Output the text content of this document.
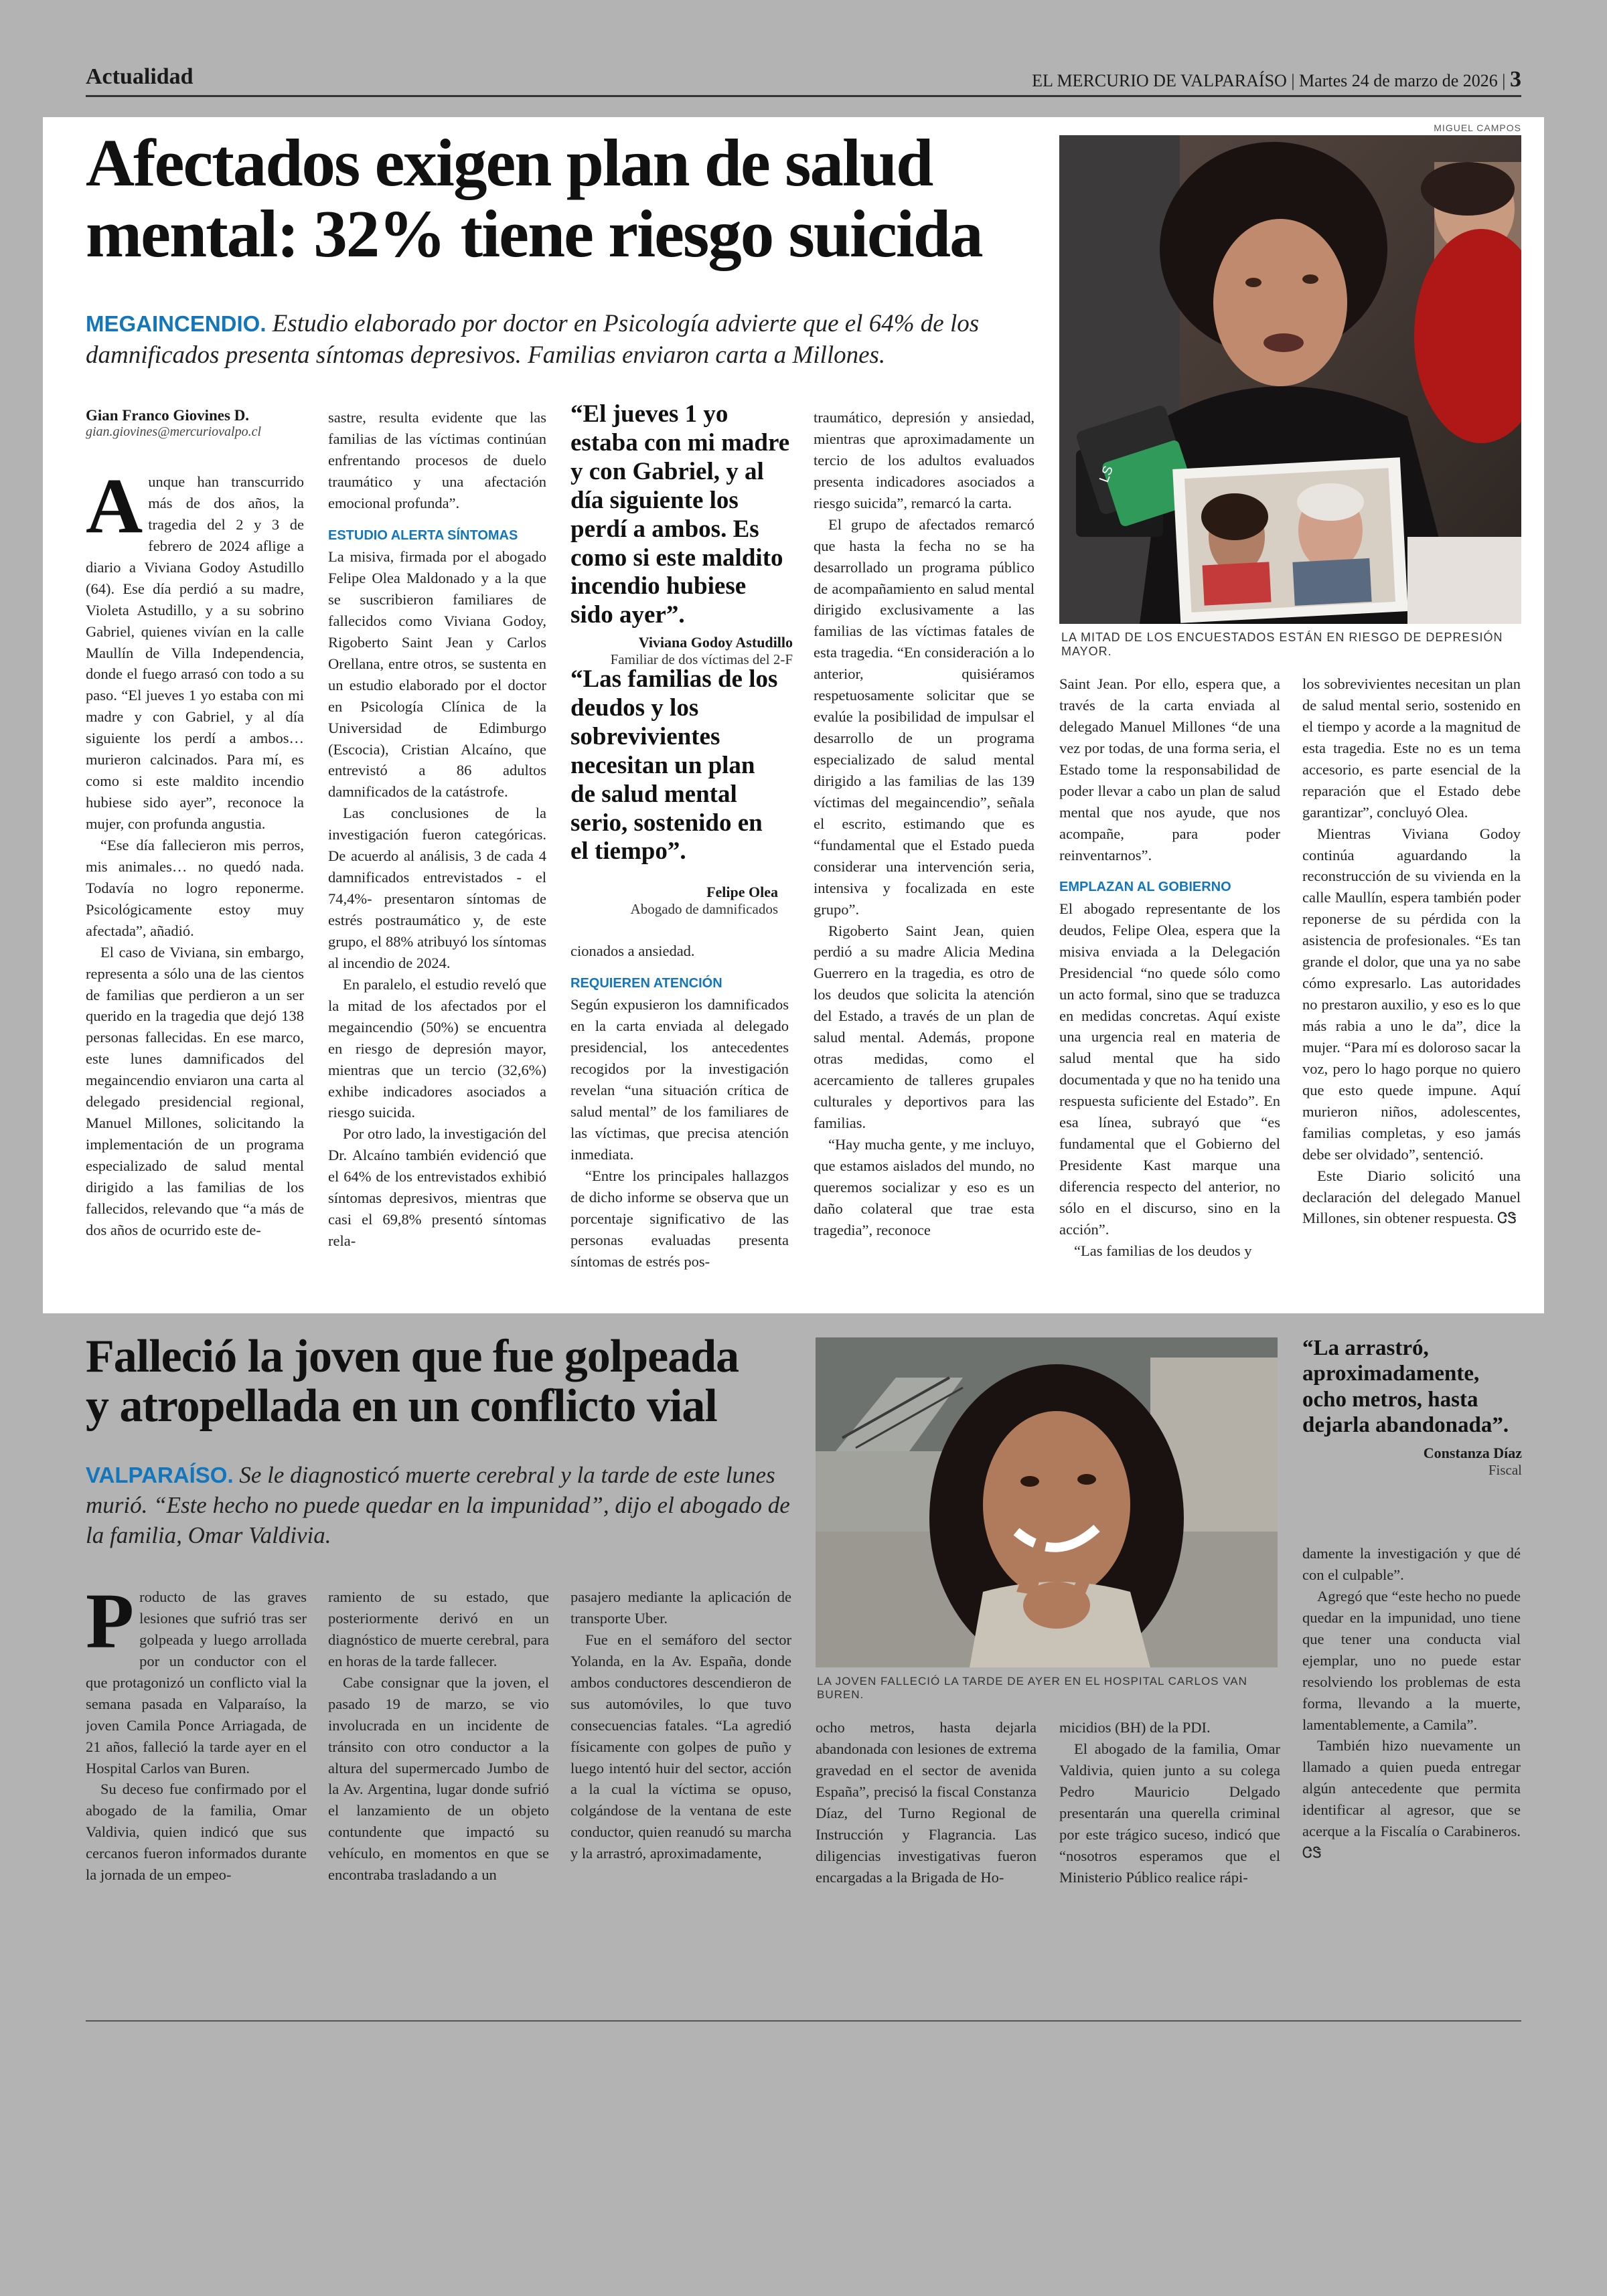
Actualidad	EL MERCURIO DE VALPARAÍSO | Martes 24 de marzo de 2026 | 3
Afectados exigen plan de salud
mental: 32% tiene riesgo suicida
MEGAINCENDIO. Estudio elaborado por doctor en Psicología advierte que el 64% de los damnificados presenta síntomas depresivos. Familias enviaron carta a Millones.
MIGUEL CAMPOS
LS
LA MITAD DE LOS ENCUESTADOS ESTÁN EN RIESGO DE DEPRESIÓN MAYOR.
Gian Franco Giovines D.
gian.giovines@mercuriovalpo.cl

Aunque han transcurrido más de dos años, la tragedia del 2 y 3 de febrero de 2024 aflige a diario a Viviana Godoy Astudillo (64). Ese día perdió a su madre, Violeta Astudillo, y a su sobrino Gabriel, quienes vivían en la calle Maullín de Villa Independencia, donde el fuego arrasó con todo a su paso. “El jueves 1 yo estaba con mi madre y con Gabriel, y al día siguiente los perdí a ambos… murieron calcinados. Para mí, es como si este maldito incendio hubiese sido ayer”, reconoce la mujer, con profunda angustia.

“Ese día fallecieron mis perros, mis animales… no quedó nada. Todavía no logro reponerme. Psicológicamente estoy muy afectada”, añadió.

El caso de Viviana, sin embargo, representa a sólo una de las cientos de familias que perdieron a un ser querido en la tragedia que dejó 138 personas fallecidas. En ese marco, este lunes damnificados del megaincendio enviaron una carta al delegado presidencial regional, Manuel Millones, solicitando la implementación de un programa especializado de salud mental dirigido a las familias de los fallecidos, relevando que “a más de dos años de ocurrido este de-

sastre, resulta evidente que las familias de las víctimas continúan enfrentando procesos de duelo traumático y una afectación emocional profunda”.

ESTUDIO ALERTA SÍNTOMAS

La misiva, firmada por el abogado Felipe Olea Maldonado y a la que se suscribieron familiares de fallecidos como Viviana Godoy, Rigoberto Saint Jean y Carlos Orellana, entre otros, se sustenta en un estudio elaborado por el doctor en Psicología Clínica de la Universidad de Edimburgo (Escocia), Cristian Alcaíno, que entrevistó a 86 adultos damnificados de la catástrofe.

Las conclusiones de la investigación fueron categóricas. De acuerdo al análisis, 3 de cada 4 damnificados entrevistados - el 74,4%- presentaron síntomas de estrés postraumático y, de este grupo, el 88% atribuyó los síntomas al incendio de 2024.

En paralelo, el estudio reveló que la mitad de los afectados por el megaincendio (50%) se encuentra en riesgo de depresión mayor, mientras que un tercio (32,6%) exhibe indicadores asociados a riesgo suicida.

Por otro lado, la investigación del Dr. Alcaíno también evidenció que el 64% de los entrevistados exhibió síntomas depresivos, mientras que casi el 69,8% presentó síntomas rela-

“El jueves 1 yo estaba con mi madre y con Gabriel, y al día siguiente los perdí a ambos. Es como si este maldito incendio hubiese sido ayer”.
Viviana Godoy Astudillo
Familiar de dos víctimas del 2-F
“Las familias de los deudos y los sobrevivientes necesitan un plan de salud mental serio, sostenido en el tiempo”.
Felipe Olea
Abogado de damnificados

cionados a ansiedad.

REQUIEREN ATENCIÓN

Según expusieron los damnificados en la carta enviada al delegado presidencial, los antecedentes recogidos por la investigación revelan “una situación crítica de salud mental” de los familiares de las víctimas, que precisa atención inmediata.

“Entre los principales hallazgos de dicho informe se observa que un porcentaje significativo de las personas evaluadas presenta síntomas de estrés pos-

traumático, depresión y ansiedad, mientras que aproximadamente un tercio de los adultos evaluados presenta indicadores asociados a riesgo suicida”, remarcó la carta.

El grupo de afectados remarcó que hasta la fecha no se ha desarrollado un programa público de acompañamiento en salud mental dirigido exclusivamente a las familias de las víctimas fatales de esta tragedia. “En consideración a lo anterior, quisiéramos respetuosamente solicitar que se evalúe la posibilidad de impulsar el desarrollo de un programa especializado de salud mental dirigido a las familias de las 139 víctimas del megaincendio”, señala el escrito, estimando que es “fundamental que el Estado pueda considerar una intervención seria, intensiva y focalizada en este grupo”.

Rigoberto Saint Jean, quien perdió a su madre Alicia Medina Guerrero en la tragedia, es otro de los deudos que solicita la atención del Estado, a través de un plan de salud mental. Además, propone otras medidas, como el acercamiento de talleres grupales culturales y deportivos para las familias.

“Hay mucha gente, y me incluyo, que estamos aislados del mundo, no queremos socializar y eso es un daño colateral que trae esta tragedia”, reconoce

Saint Jean. Por ello, espera que, a través de la carta enviada al delegado Manuel Millones “de una vez por todas, de una forma seria, el Estado tome la responsabilidad de poder llevar a cabo un plan de salud mental que nos ayude, que nos acompañe, para poder reinventarnos”.

EMPLAZAN AL GOBIERNO

El abogado representante de los deudos, Felipe Olea, espera que la misiva enviada a la Delegación Presidencial “no quede sólo como un acto formal, sino que se traduzca en medidas concretas. Aquí existe una urgencia real en materia de salud mental que ha sido documentada y que no ha tenido una respuesta suficiente del Estado”. En esa línea, subrayó que “es fundamental que el Gobierno del Presidente Kast marque una diferencia respecto del anterior, no sólo en el discurso, sino en la acción”.

“Las familias de los deudos y

los sobrevivientes necesitan un plan de salud mental serio, sostenido en el tiempo y acorde a la magnitud de esta tragedia. Este no es un tema accesorio, es parte esencial de la reparación que el Estado debe garantizar”, concluyó Olea.

Mientras Viviana Godoy continúa aguardando la reconstrucción de su vivienda en la calle Maullín, espera también poder reponerse de su pérdida con la asistencia de profesionales. “Es tan grande el dolor, que una ya no sabe cómo expresarlo. Las autoridades no prestaron auxilio, y eso es lo que más rabia a uno le da”, dice la mujer. “Para mí es doloroso sacar la voz, pero lo hago porque no quiero que esto quede impune. Aquí murieron niños, adolescentes, familias completas, y eso jamás debe ser olvidado”, sentenció.

Este Diario solicitó una declaración del delegado Manuel Millones, sin obtener respuesta. ᏣᏕ

Falleció la joven que fue golpeada
y atropellada en un conflicto vial
VALPARAÍSO. Se le diagnosticó muerte cerebral y la tarde de este lunes murió. “Este hecho no puede quedar en la impunidad”, dijo el abogado de la familia, Omar Valdivia.
LA JOVEN FALLECIÓ LA TARDE DE AYER EN EL HOSPITAL CARLOS VAN BUREN.
“La arrastró, aproximadamente, ocho metros, hasta dejarla abandonada”.
Constanza Díaz
Fiscal

Producto de las graves lesiones que sufrió tras ser golpeada y luego arrollada por un conductor con el que protagonizó un conflicto vial la semana pasada en Valparaíso, la joven Camila Ponce Arriagada, de 21 años, falleció la tarde ayer en el Hospital Carlos van Buren.

Su deceso fue confirmado por el abogado de la familia, Omar Valdivia, quien indicó que sus cercanos fueron informados durante la jornada de un empeo-

ramiento de su estado, que posteriormente derivó en un diagnóstico de muerte cerebral, para en horas de la tarde fallecer.

Cabe consignar que la joven, el pasado 19 de marzo, se vio involucrada en un incidente de tránsito con otro conductor a la altura del supermercado Jumbo de la Av. Argentina, lugar donde sufrió el lanzamiento de un objeto contundente que impactó su vehículo, en momentos en que se encontraba trasladando a un

pasajero mediante la aplicación de transporte Uber.

Fue en el semáforo del sector Yolanda, en la Av. España, donde ambos conductores descendieron de sus automóviles, lo que tuvo consecuencias fatales. “La agredió físicamente con golpes de puño y luego intentó huir del sector, acción a la cual la víctima se opuso, colgándose de la ventana de este conductor, quien reanudó su marcha y la arrastró, aproximadamente,

ocho metros, hasta dejarla abandonada con lesiones de extrema gravedad en el sector de avenida España”, precisó la fiscal Constanza Díaz, del Turno Regional de Instrucción y Flagrancia. Las diligencias investigativas fueron encargadas a la Brigada de Ho-

micidios (BH) de la PDI.

El abogado de la familia, Omar Valdivia, quien junto a su colega Pedro Mauricio Delgado presentarán una querella criminal por este trágico suceso, indicó que “nosotros esperamos que el Ministerio Público realice rápi-

damente la investigación y que dé con el culpable”.

Agregó que “este hecho no puede quedar en la impunidad, uno tiene que tener una conducta vial ejemplar, uno no puede estar resolviendo los problemas de esta forma, llevando a la muerte, lamentablemente, a Camila”.

También hizo nuevamente un llamado a quien pueda entregar algún antecedente que permita identificar al agresor, que se acerque a la Fiscalía o Carabineros. ᏣᏕ
